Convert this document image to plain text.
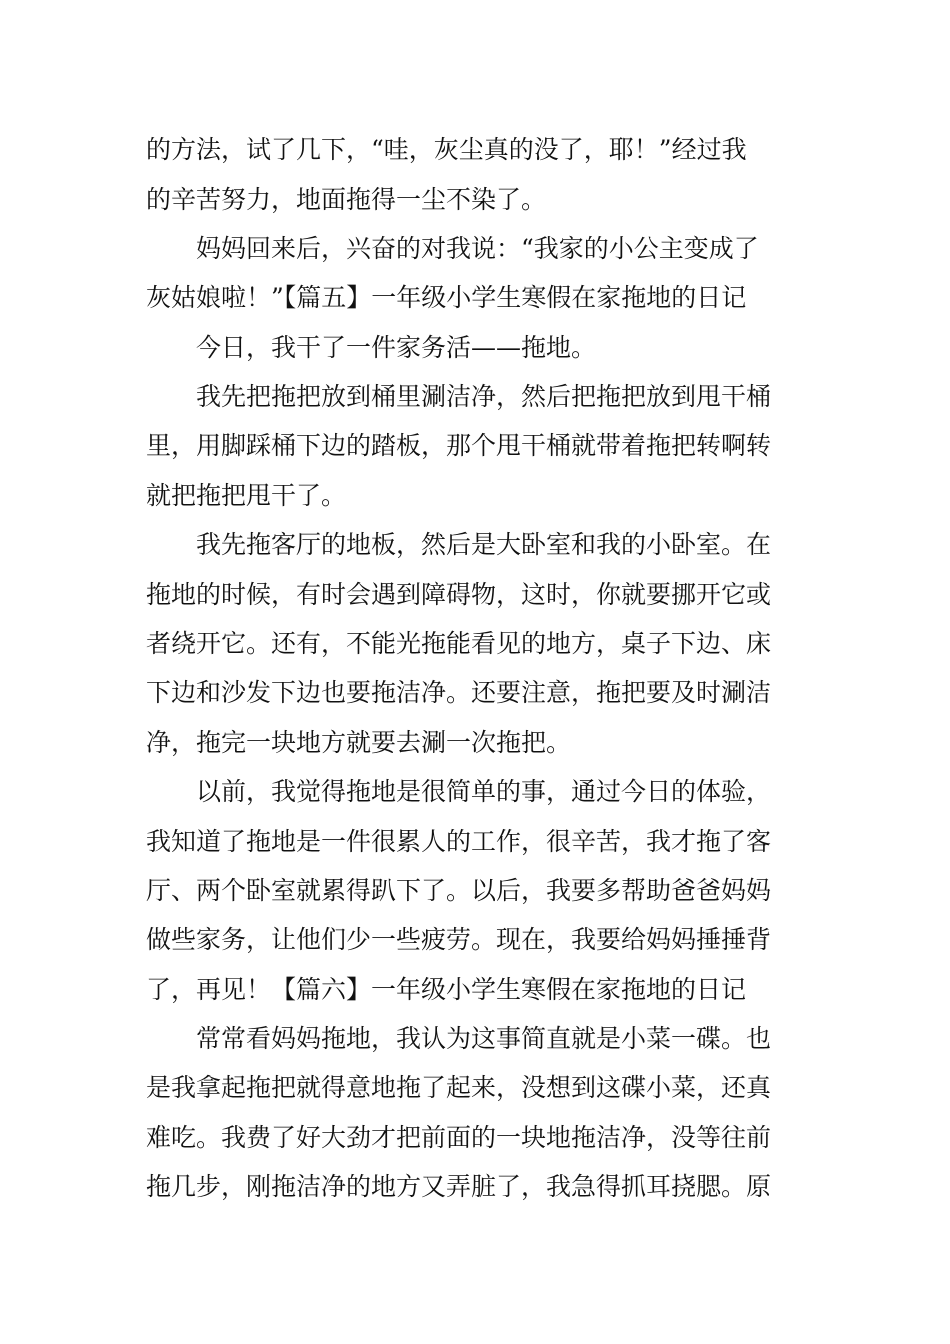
的方法，试了几下，“哇，灰尘真的没了，耶！”经过我
的辛苦努力，地面拖得一尘不染了。
妈妈回来后，兴奋的对我说：“我家的小公主变成了
灰姑娘啦！”【篇五】一年级小学生寒假在家拖地的日记
今日，我干了一件家务活——拖地。
我先把拖把放到桶里涮洁净，然后把拖把放到甩干桶
里，用脚踩桶下边的踏板，那个甩干桶就带着拖把转啊转
就把拖把甩干了。
我先拖客厅的地板，然后是大卧室和我的小卧室。在
拖地的时候，有时会遇到障碍物，这时，你就要挪开它或
者绕开它。还有，不能光拖能看见的地方，桌子下边、床
下边和沙发下边也要拖洁净。还要注意，拖把要及时涮洁
净，拖完一块地方就要去涮一次拖把。
以前，我觉得拖地是很简单的事，通过今日的体验，
我知道了拖地是一件很累人的工作，很辛苦，我才拖了客
厅、两个卧室就累得趴下了。以后，我要多帮助爸爸妈妈
做些家务，让他们少一些疲劳。现在，我要给妈妈捶捶背
了，再见！【篇六】一年级小学生寒假在家拖地的日记
常常看妈妈拖地，我认为这事简直就是小菜一碟。也
是我拿起拖把就得意地拖了起来，没想到这碟小菜，还真
难吃。我费了好大劲才把前面的一块地拖洁净，没等往前
拖几步，刚拖洁净的地方又弄脏了，我急得抓耳挠腮。原
